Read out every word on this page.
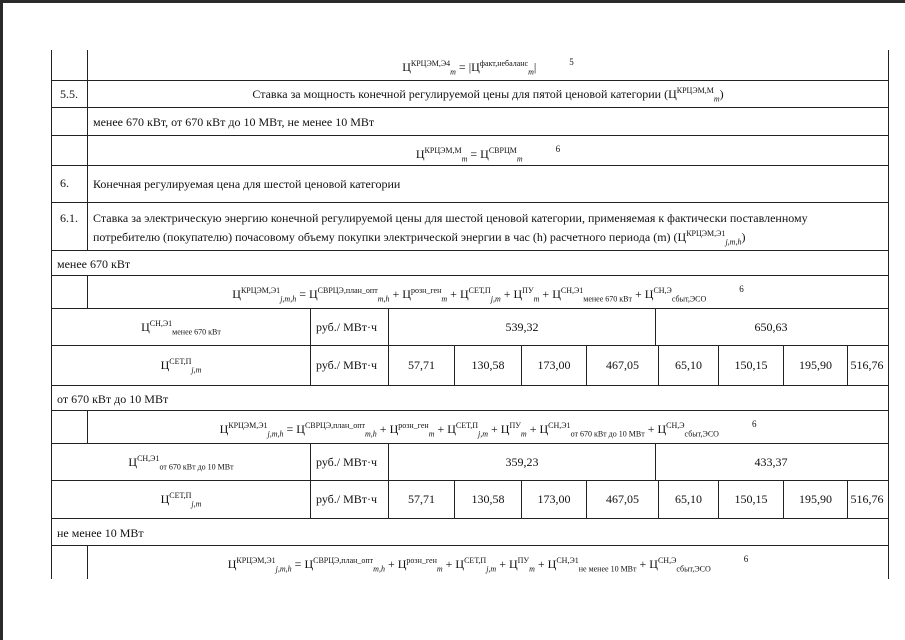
$Ц^{КРЦЭМ,Э4}_m = |Ц^{факт,небаланс}_m|$	$^5$
5.5.	Ставка за мощность конечной регулируемой цены для пятой ценовой категории $(Ц^{КРЦЭМ,М}_m)$
менее 670 кВт, от 670 кВт до 10 МВт, не менее 10 МВт
$Ц^{КРЦЭМ,М}_m = Ц^{СВРЦМ}_m$ $^6$
6.	Конечная регулируемая цена для шестой ценовой категории
6.1.	Ставка за электрическую энергию конечной регулируемой цены для шестой ценовой категории, применяемая к фактически поставленному
потребителю (покупателю) почасовому объему покупки электрической энергии в час (h) расчетного периода (m) $(Ц^{КРЦЭМ,Э1}_{j,m,h})$
менее 670 кВт
$Ц^{КРЦЭМ,Э1}_{j,m,h} = Ц^{СВРЦЭ,план\_опт}_{m,h} + Ц^{розн\_ген}_m + Ц^{СЕТ,П}_{j,m} + Ц^{ПУ}_m + Ц^{СН,Э1}_{менее 670 кВт} + Ц^{СН,Э}_{сбыт,ЭСО}$ $^6$
$Ц^{СН,Э1}_{менее 670 кВт}$	руб./ МВт·ч	539,32	650,63
$Ц^{СЕТ,П}_{j,m}$	руб./ МВт·ч	57,71	130,58	173,00	467,05	65,10	150,15	195,90	516,76
от 670 кВт до 10 МВт
$Ц^{КРЦЭМ,Э1}_{j,m,h} = Ц^{СВРЦЭ,план\_опт}_{m,h} + Ц^{розн\_ген}_m + Ц^{СЕТ,П}_{j,m} + Ц^{ПУ}_m + Ц^{СН,Э1}_{от 670 кВт до 10 МВт} + Ц^{СН,Э}_{сбыт,ЭСО}$ $^6$
$Ц^{СН,Э1}_{от 670 кВт до 10 МВт}$	руб./ МВт·ч	359,23	433,37
$Ц^{СЕТ,П}_{j,m}$	руб./ МВт·ч	57,71	130,58	173,00	467,05	65,10	150,15	195,90	516,76
не менее 10 МВт
$Ц^{КРЦЭМ,Э1}_{j,m,h} = Ц^{СВРЦЭ,план\_опт}_{m,h} + Ц^{розн\_ген}_m + Ц^{СЕТ,П}_{j,m} + Ц^{ПУ}_m + Ц^{СН,Э1}_{не менее 10 МВт} + Ц^{СН,Э}_{сбыт,ЭСО}$ $^6$
